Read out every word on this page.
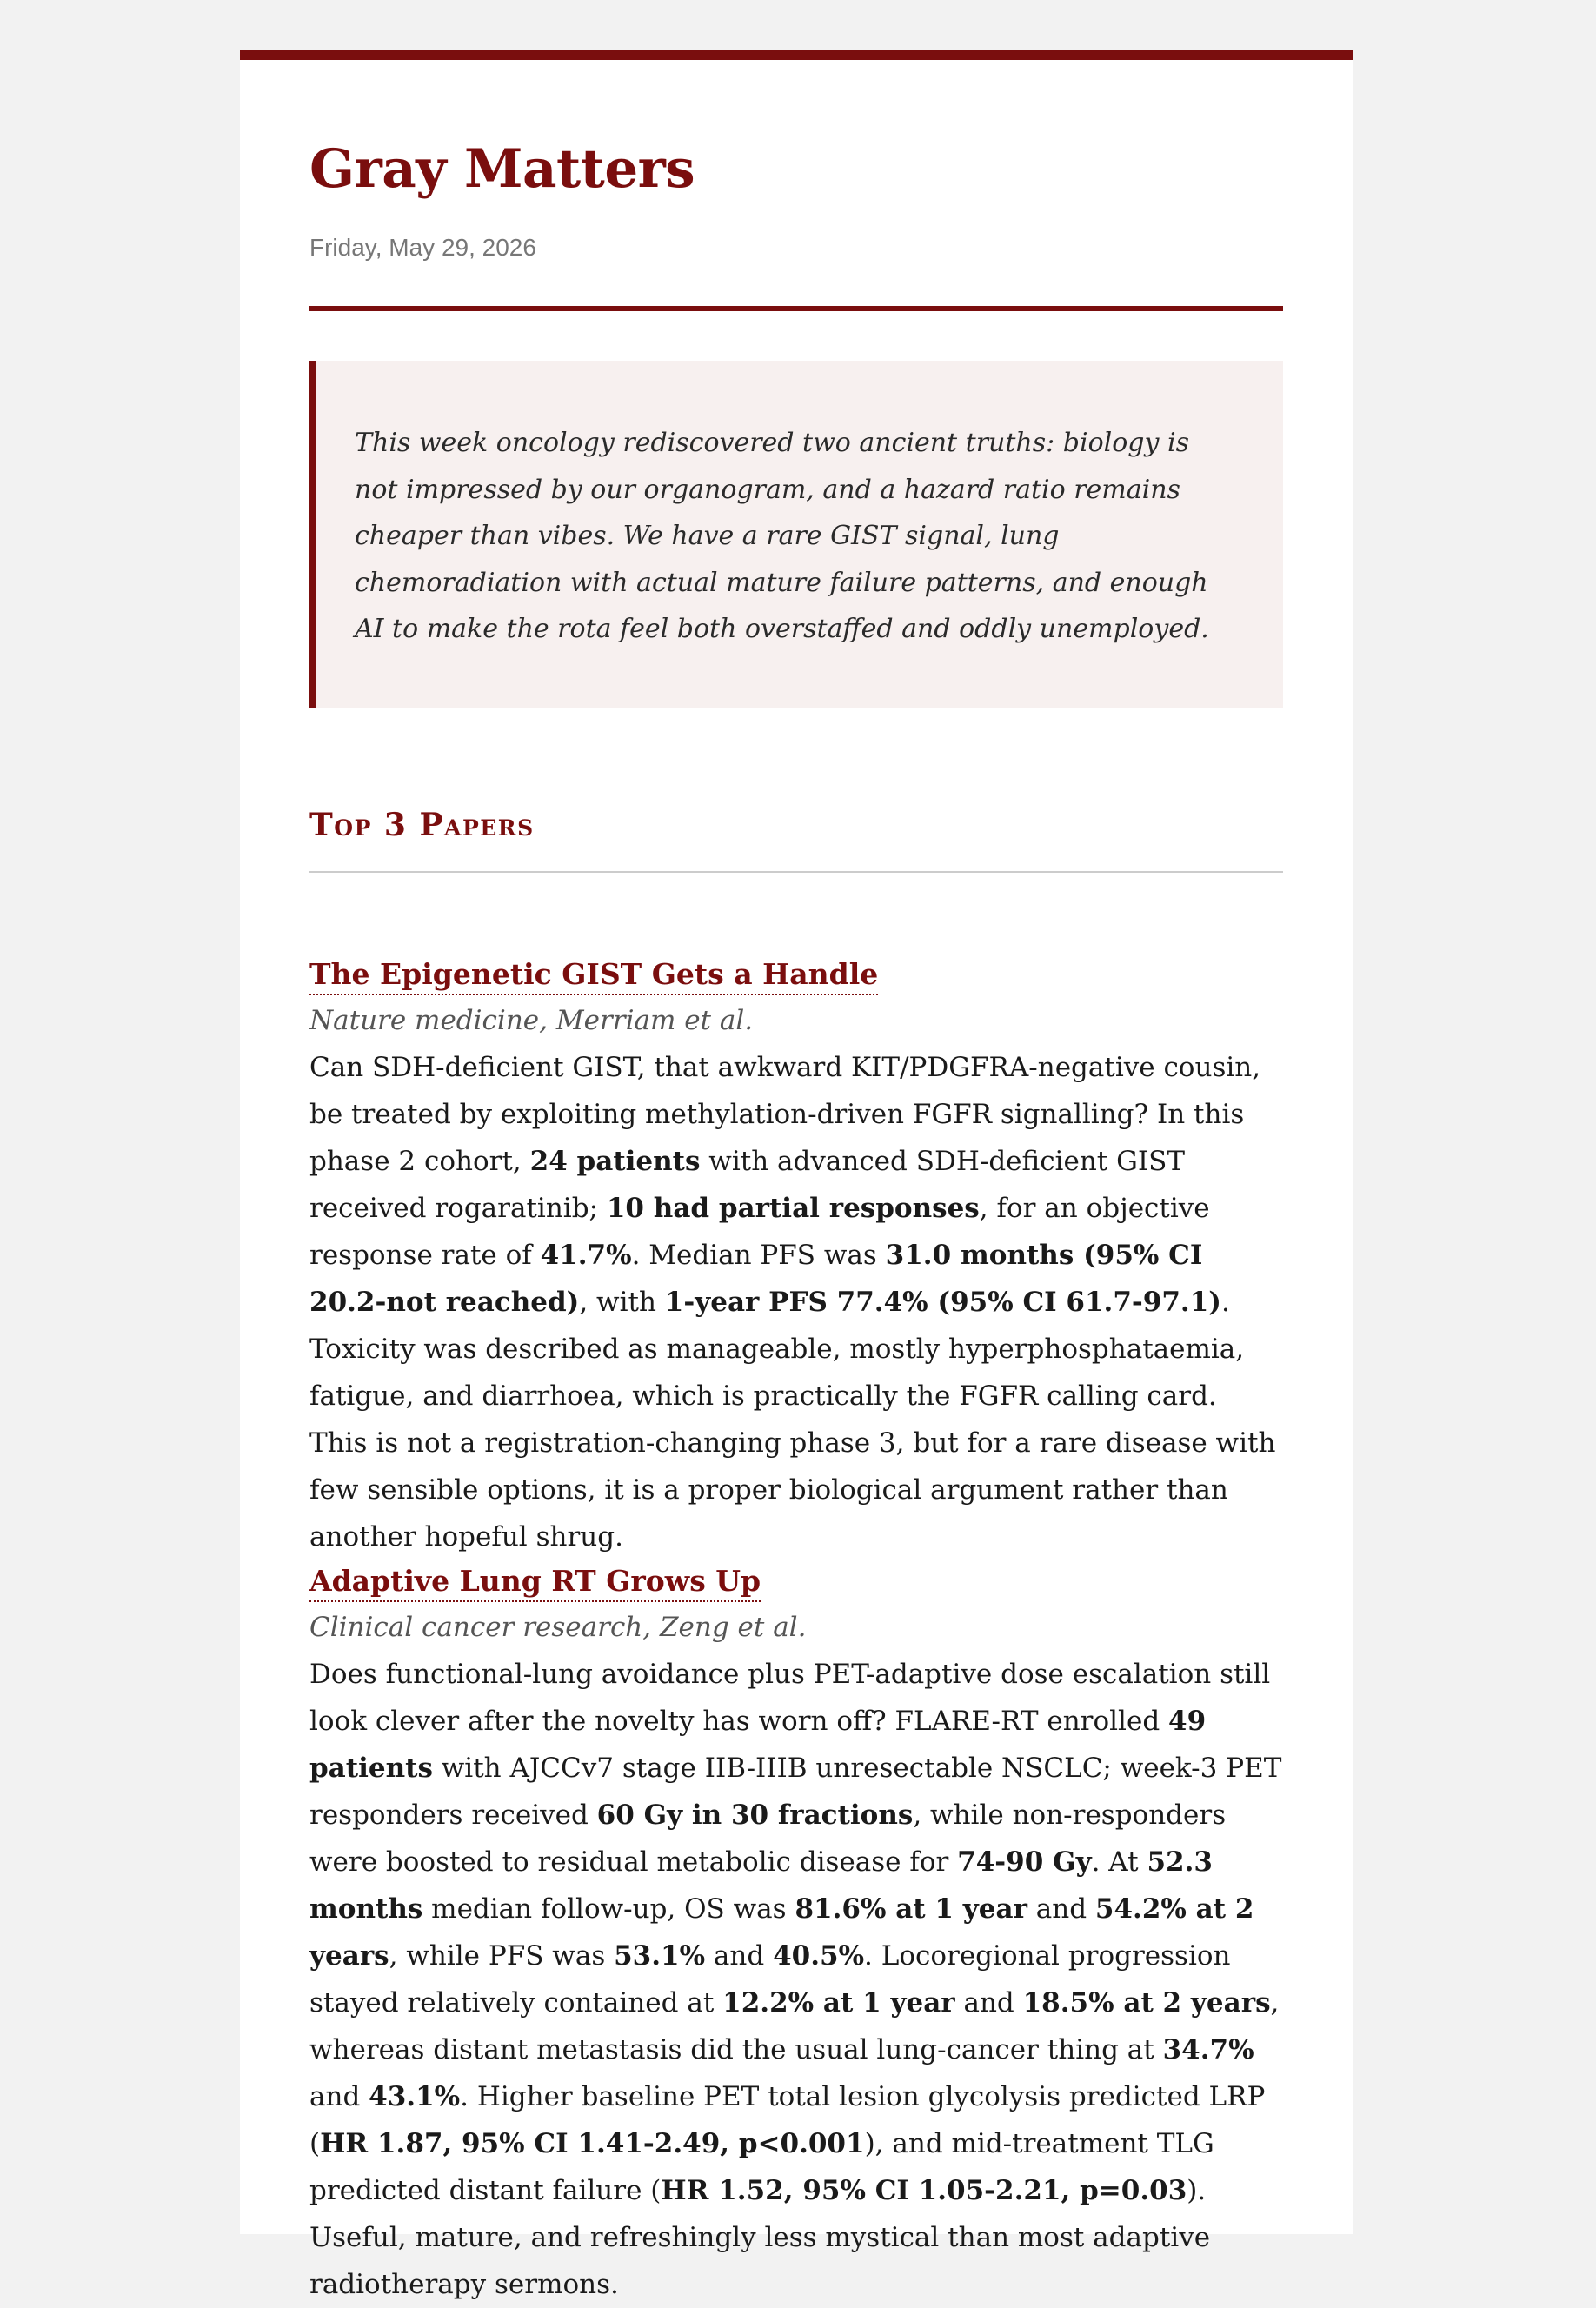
Gray Matters
Friday, May 29, 2026
This week oncology rediscovered two ancient truths: biology is not impressed by our organogram, and a hazard ratio remains cheaper than vibes. We have a rare GIST signal, lung chemoradiation with actual mature failure patterns, and enough AI to make the rota feel both overstaffed and oddly unemployed.
Top 3 Papers
The Epigenetic GIST Gets a Handle
Nature medicine, Merriam et al.
Can SDH-deficient GIST, that awkward KIT/PDGFRA-negative cousin, be treated by exploiting methylation-driven FGFR signalling? In this phase 2 cohort, 24 patients with advanced SDH-deficient GIST received rogaratinib; 10 had partial responses, for an objective response rate of 41.7%. Median PFS was 31.0 months (95% CI 20.2-not reached), with 1-year PFS 77.4% (95% CI 61.7-97.1). Toxicity was described as manageable, mostly hyperphosphataemia, fatigue, and diarrhoea, which is practically the FGFR calling card. This is not a registration-changing phase 3, but for a rare disease with few sensible options, it is a proper biological argument rather than another hopeful shrug.
Adaptive Lung RT Grows Up
Clinical cancer research, Zeng et al.
Does functional-lung avoidance plus PET-adaptive dose escalation still look clever after the novelty has worn off? FLARE-RT enrolled 49 patients with AJCCv7 stage IIB-IIIB unresectable NSCLC; week-3 PET responders received 60 Gy in 30 fractions, while non-responders were boosted to residual metabolic disease for 74-90 Gy. At 52.3 months median follow-up, OS was 81.6% at 1 year and 54.2% at 2 years, while PFS was 53.1% and 40.5%. Locoregional progression stayed relatively contained at 12.2% at 1 year and 18.5% at 2 years, whereas distant metastasis did the usual lung-cancer thing at 34.7% and 43.1%. Higher baseline PET total lesion glycolysis predicted LRP (HR 1.87, 95% CI 1.41-2.49, p<0.001), and mid-treatment TLG predicted distant failure (HR 1.52, 95% CI 1.05-2.21, p=0.03). Useful, mature, and refreshingly less mystical than most adaptive radiotherapy sermons.
